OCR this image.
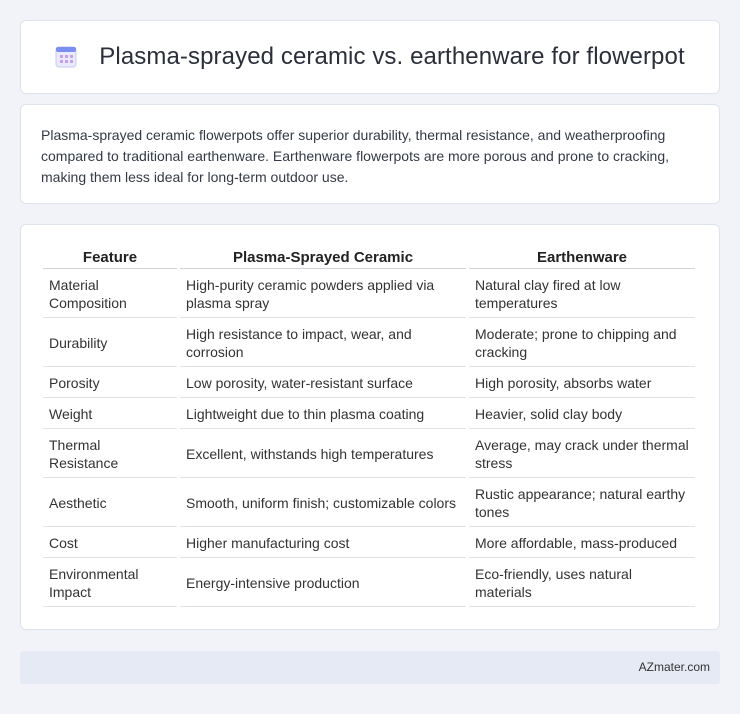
Plasma-sprayed ceramic vs. earthenware for flowerpot

Plasma-sprayed ceramic flowerpots offer superior durability, thermal resistance, and weatherproofing compared to traditional earthenware. Earthenware flowerpots are more porous and prone to cracking, making them less ideal for long-term outdoor use.

Feature	Plasma-Sprayed Ceramic	Earthenware
Material Composition	High-purity ceramic powders applied via plasma spray	Natural clay fired at low temperatures
Durability	High resistance to impact, wear, and corrosion	Moderate; prone to chipping and cracking
Porosity	Low porosity, water-resistant surface	High porosity, absorbs water
Weight	Lightweight due to thin plasma coating	Heavier, solid clay body
Thermal Resistance	Excellent, withstands high temperatures	Average, may crack under thermal stress
Aesthetic	Smooth, uniform finish; customizable colors	Rustic appearance; natural earthy tones
Cost	Higher manufacturing cost	More affordable, mass-produced
Environmental Impact	Energy-intensive production	Eco-friendly, uses natural materials
AZmater.com
